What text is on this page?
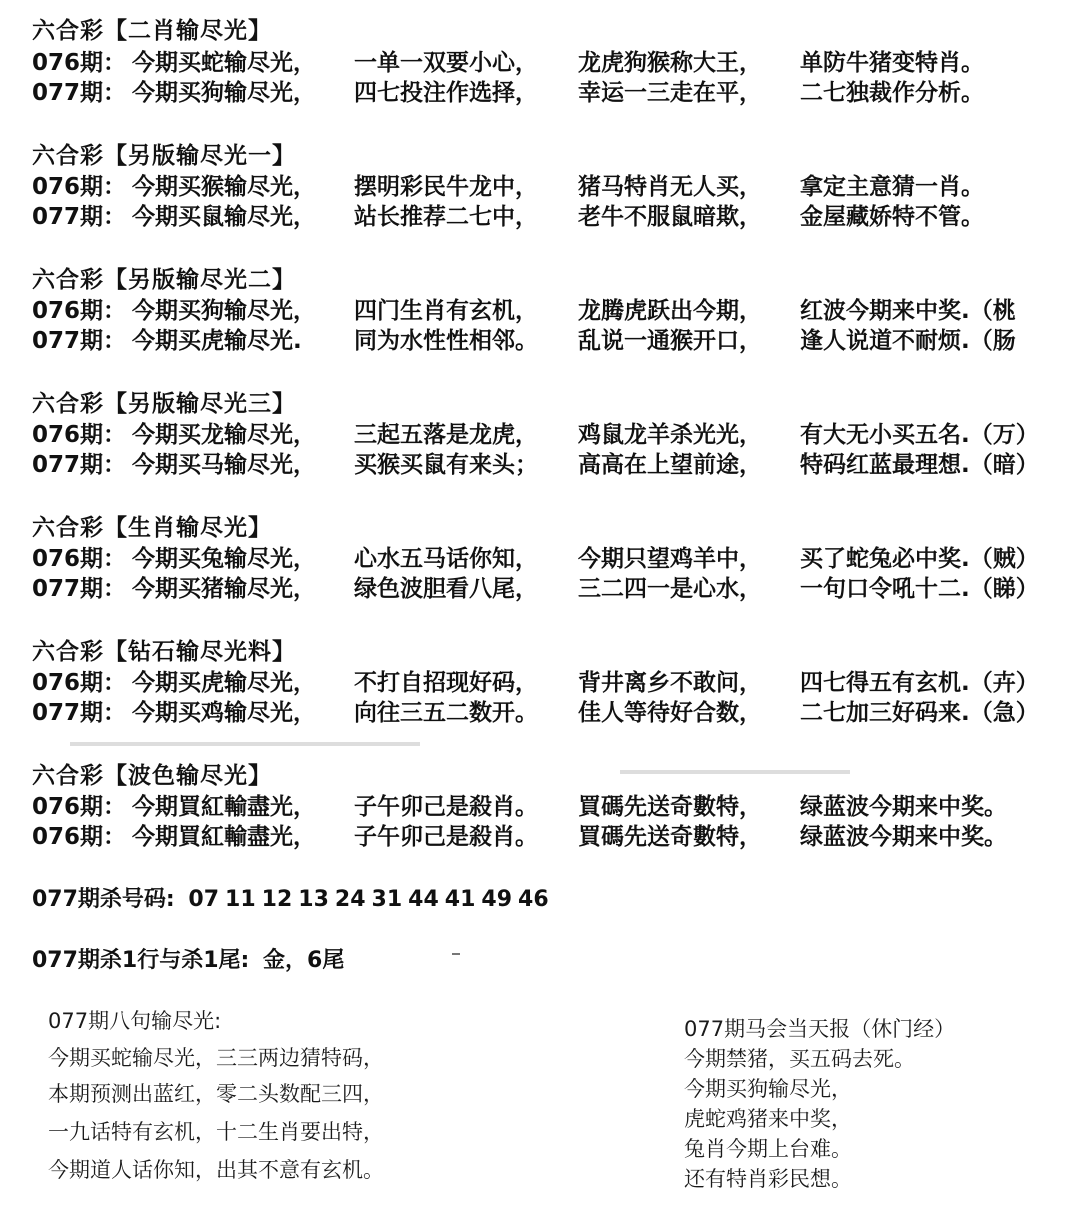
六合彩【二肖输尽光】
076期： 今期买蛇输尽光， 一单一双要小心， 龙虎狗猴称大王， 单防牛猪变特肖。
077期： 今期买狗输尽光， 四七投注作选择， 幸运一三走在平， 二七独裁作分析。
六合彩【另版输尽光一】
076期： 今期买猴输尽光， 摆明彩民牛龙中， 猪马特肖无人买， 拿定主意猜一肖。
077期： 今期买鼠输尽光， 站长推荐二七中， 老牛不服鼠暗欺， 金屋藏娇特不管。
六合彩【另版输尽光二】
076期： 今期买狗输尽光， 四门生肖有玄机， 龙腾虎跃出今期， 红波今期来中奖.（桃
077期： 今期买虎输尽光. 同为水性性相邻。 乱说一通猴开口， 逢人说道不耐烦.（肠
六合彩【另版输尽光三】
076期： 今期买龙输尽光， 三起五落是龙虎， 鸡鼠龙羊杀光光， 有大无小买五名.（万）
077期： 今期买马输尽光， 买猴买鼠有来头； 高高在上望前途， 特码红蓝最理想.（暗）
六合彩【生肖输尽光】
076期： 今期买兔输尽光， 心水五马话你知， 今期只望鸡羊中， 买了蛇兔必中奖.（贼）
077期： 今期买猪输尽光， 绿色波胆看八尾， 三二四一是心水， 一句口令吼十二.（睇）
六合彩【钻石输尽光料】
076期： 今期买虎输尽光， 不打自招现好码， 背井离乡不敢问， 四七得五有玄机.（卉）
077期： 今期买鸡输尽光， 向往三五二数开。 佳人等待好合数， 二七加三好码来.（急）
六合彩【波色输尽光】
076期： 今期買紅輸盡光， 子午卯己是殺肖。 買碼先送奇數特， 绿蓝波今期来中奖。
076期： 今期買紅輸盡光， 子午卯己是殺肖。 買碼先送奇數特， 绿蓝波今期来中奖。
077期杀号码: 07 11 12 13 24 31 44 41 49 46
077期杀1行与杀1尾: 金，6尾
077期八句输尽光:
今期买蛇输尽光，三三两边猜特码，
本期预测出蓝红，零二头数配三四，
一九话特有玄机，十二生肖要出特，
今期道人话你知，出其不意有玄机。
077期马会当天报（休门经）
今期禁猪，买五码去死。
今期买狗输尽光，
虎蛇鸡猪来中奖，
兔肖今期上台难。
还有特肖彩民想。
